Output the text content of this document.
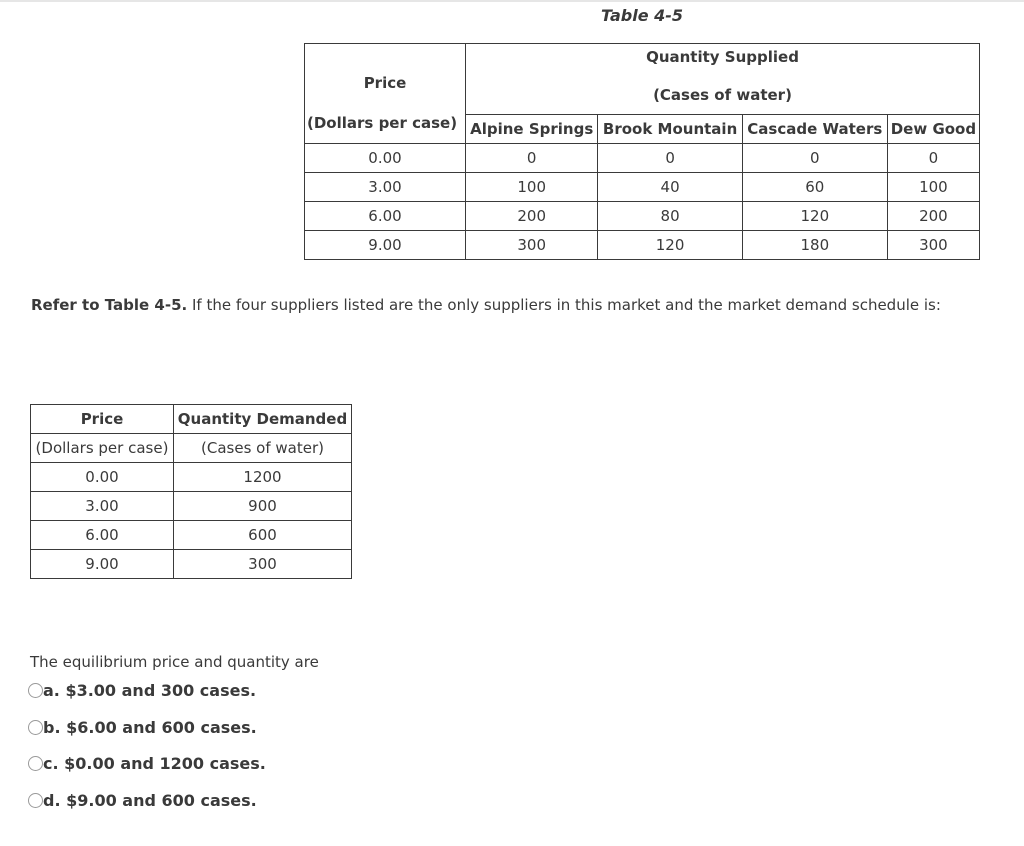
Table 4-5
Price
(Dollars per case)	Quantity Supplied
(Cases of water)			

	Alpine Springs	Brook Mountain	Cascade Waters	Dew Good
0.00	0	0	0	0
3.00	100	40	60	100
6.00	200	80	120	200
9.00	300	120	180	300
Refer to Table 4-5. If the four suppliers listed are the only suppliers in this market and the market demand schedule is:
Price	Quantity Demanded
(Dollars per case)	(Cases of water)
0.00	1200
3.00	900
6.00	600
9.00	300
The equilibrium price and quantity are
a. $3.00 and 300 cases.
b. $6.00 and 600 cases.
c. $0.00 and 1200 cases.
d. $9.00 and 600 cases.
